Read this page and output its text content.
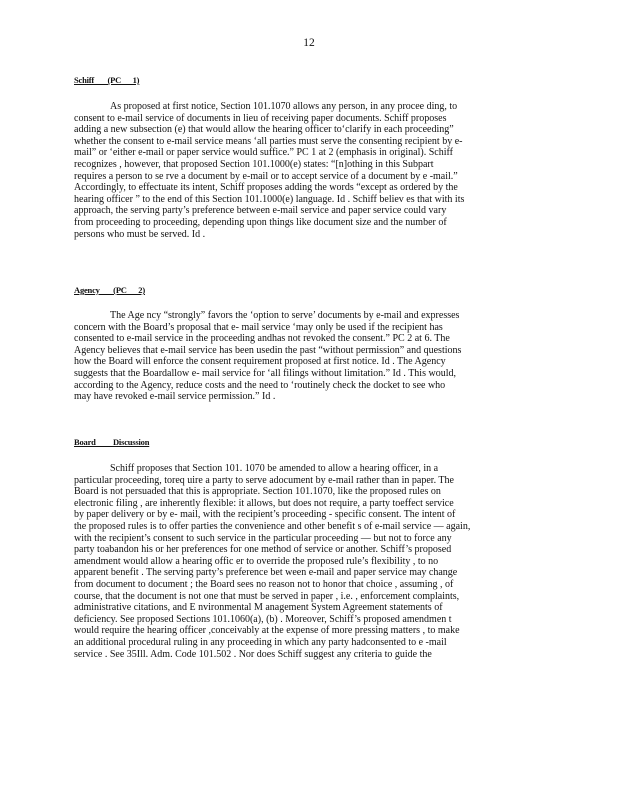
12
Schiff       (PC      1)
As proposed at first notice, Section 101.1070 allows any person, in any procee ding, to
consent to e-mail service of documents in lieu of receiving paper documents. Schiff proposes
adding a new subsection (e) that would allow the hearing officer to‘clarify in each proceeding”
whether the consent to e-mail service means ‘all parties must serve the consenting recipient by e-
mail” or ‘either e-mail or paper service would suffice.” PC 1 at 2 (emphasis in original). Schiff
recognizes , however, that proposed Section 101.1000(e) states: “[n]othing in this Subpart
requires a person to se rve a document by e-mail or to accept service of a document by e -mail.”
Accordingly, to effectuate its intent, Schiff proposes adding the words “except as ordered by the
hearing officer ” to the end of this Section 101.1000(e) language. Id . Schiff believ es that with its
approach, the serving party’s preference between e-mail service and paper service could vary
from proceeding to proceeding, depending upon things like document size and the number of
persons who must be served. Id .
Agency       (PC      2)
The Age ncy “strongly” favors the ‘option to serve’ documents by e-mail and expresses
concern with the Board’s proposal that e- mail service ‘may only be used if the recipient has
consented to e-mail service in the proceeding andhas not revoked the consent.” PC 2 at 6. The
Agency believes that e-mail service has been usedin the past “without permission” and questions
how the Board will enforce the consent requirement proposed at first notice. Id . The Agency
suggests that the Boardallow e- mail service for ‘all filings without limitation.” Id . This would,
according to the Agency, reduce costs and the need to ‘routinely check the docket to see who
may have revoked e-mail service permission.” Id .
Board         Discussion
Schiff proposes that Section 101. 1070 be amended to allow a hearing officer, in a
particular proceeding, toreq uire a party to serve adocument by e-mail rather than in paper. The
Board is not persuaded that this is appropriate. Section 101.1070, like the proposed rules on
electronic filing , are inherently flexible: it allows, but does not require, a party toeffect service
by paper delivery or by e- mail, with the recipient’s proceeding - specific consent. The intent of
the proposed rules is to offer parties the convenience and other benefit s of e-mail service — again,
with the recipient’s consent to such service in the particular proceeding — but not to force any
party toabandon his or her preferences for one method of service or another. Schiff’s proposed
amendment would allow a hearing offic er to override the proposed rule’s flexibility , to no
apparent benefit . The serving party’s preference bet ween e-mail and paper service may change
from document to document ; the Board sees no reason not to honor that choice , assuming , of
course, that the document is not one that must be served in paper , i.e. , enforcement complaints,
administrative citations, and E nvironmental M anagement System Agreement statements of
deficiency. See proposed Sections 101.1060(a), (b) . Moreover, Schiff’s proposed amendmen t
would require the hearing officer ,conceivably at the expense of more pressing matters , to make
an additional procedural ruling in any proceeding in which any party hadconsented to e -mail
service . See 35Ill. Adm. Code 101.502 . Nor does Schiff suggest any criteria to guide the
